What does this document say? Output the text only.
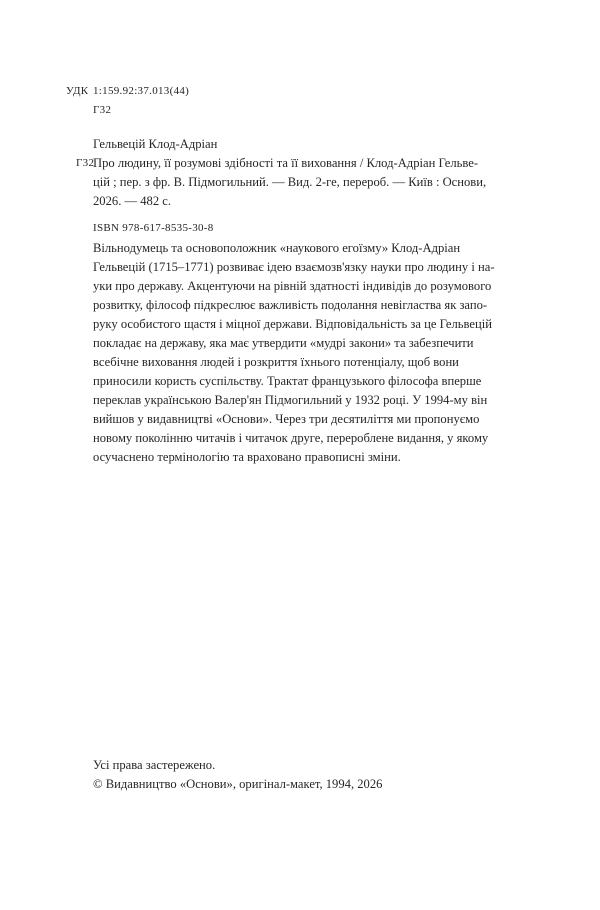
УДК 1:159.92:37.013(44)
Г32
Гельвецій Клод-Адріан
Г32
Про людину, її розумові здібності та її виховання / Клод-Адріан Гельве-
цій ; пер. з фр. В. Підмогильний. — Вид. 2-ге, перероб. — Київ : Основи,
2026. — 482 с.
ISBN 978-617-8535-30-8
Вільнодумець та основоположник «наукового егоїзму» Клод-Адріан
Гельвецій (1715–1771) розвиває ідею взаємозв'язку науки про людину і на-
уки про державу. Акцентуючи на рівній здатності індивідів до розумового
розвитку, філософ підкреслює важливість подолання невігластва як запо-
руку особистого щастя і міцної держави. Відповідальність за це Гельвецій
покладає на державу, яка має утвердити «мудрі закони» та забезпечити
всебічне виховання людей і розкриття їхнього потенціалу, щоб вони
приносили користь суспільству. Трактат французького філософа вперше
переклав українською Валер'ян Підмогильний у 1932 році. У 1994-му він
вийшов у видавництві «Основи». Через три десятиліття ми пропонуємо
новому поколінню читачів і читачок друге, перероблене видання, у якому
осучаснено термінологію та враховано правописні зміни.
Усі права застережено.
© Видавництво «Основи», оригінал-макет, 1994, 2026
